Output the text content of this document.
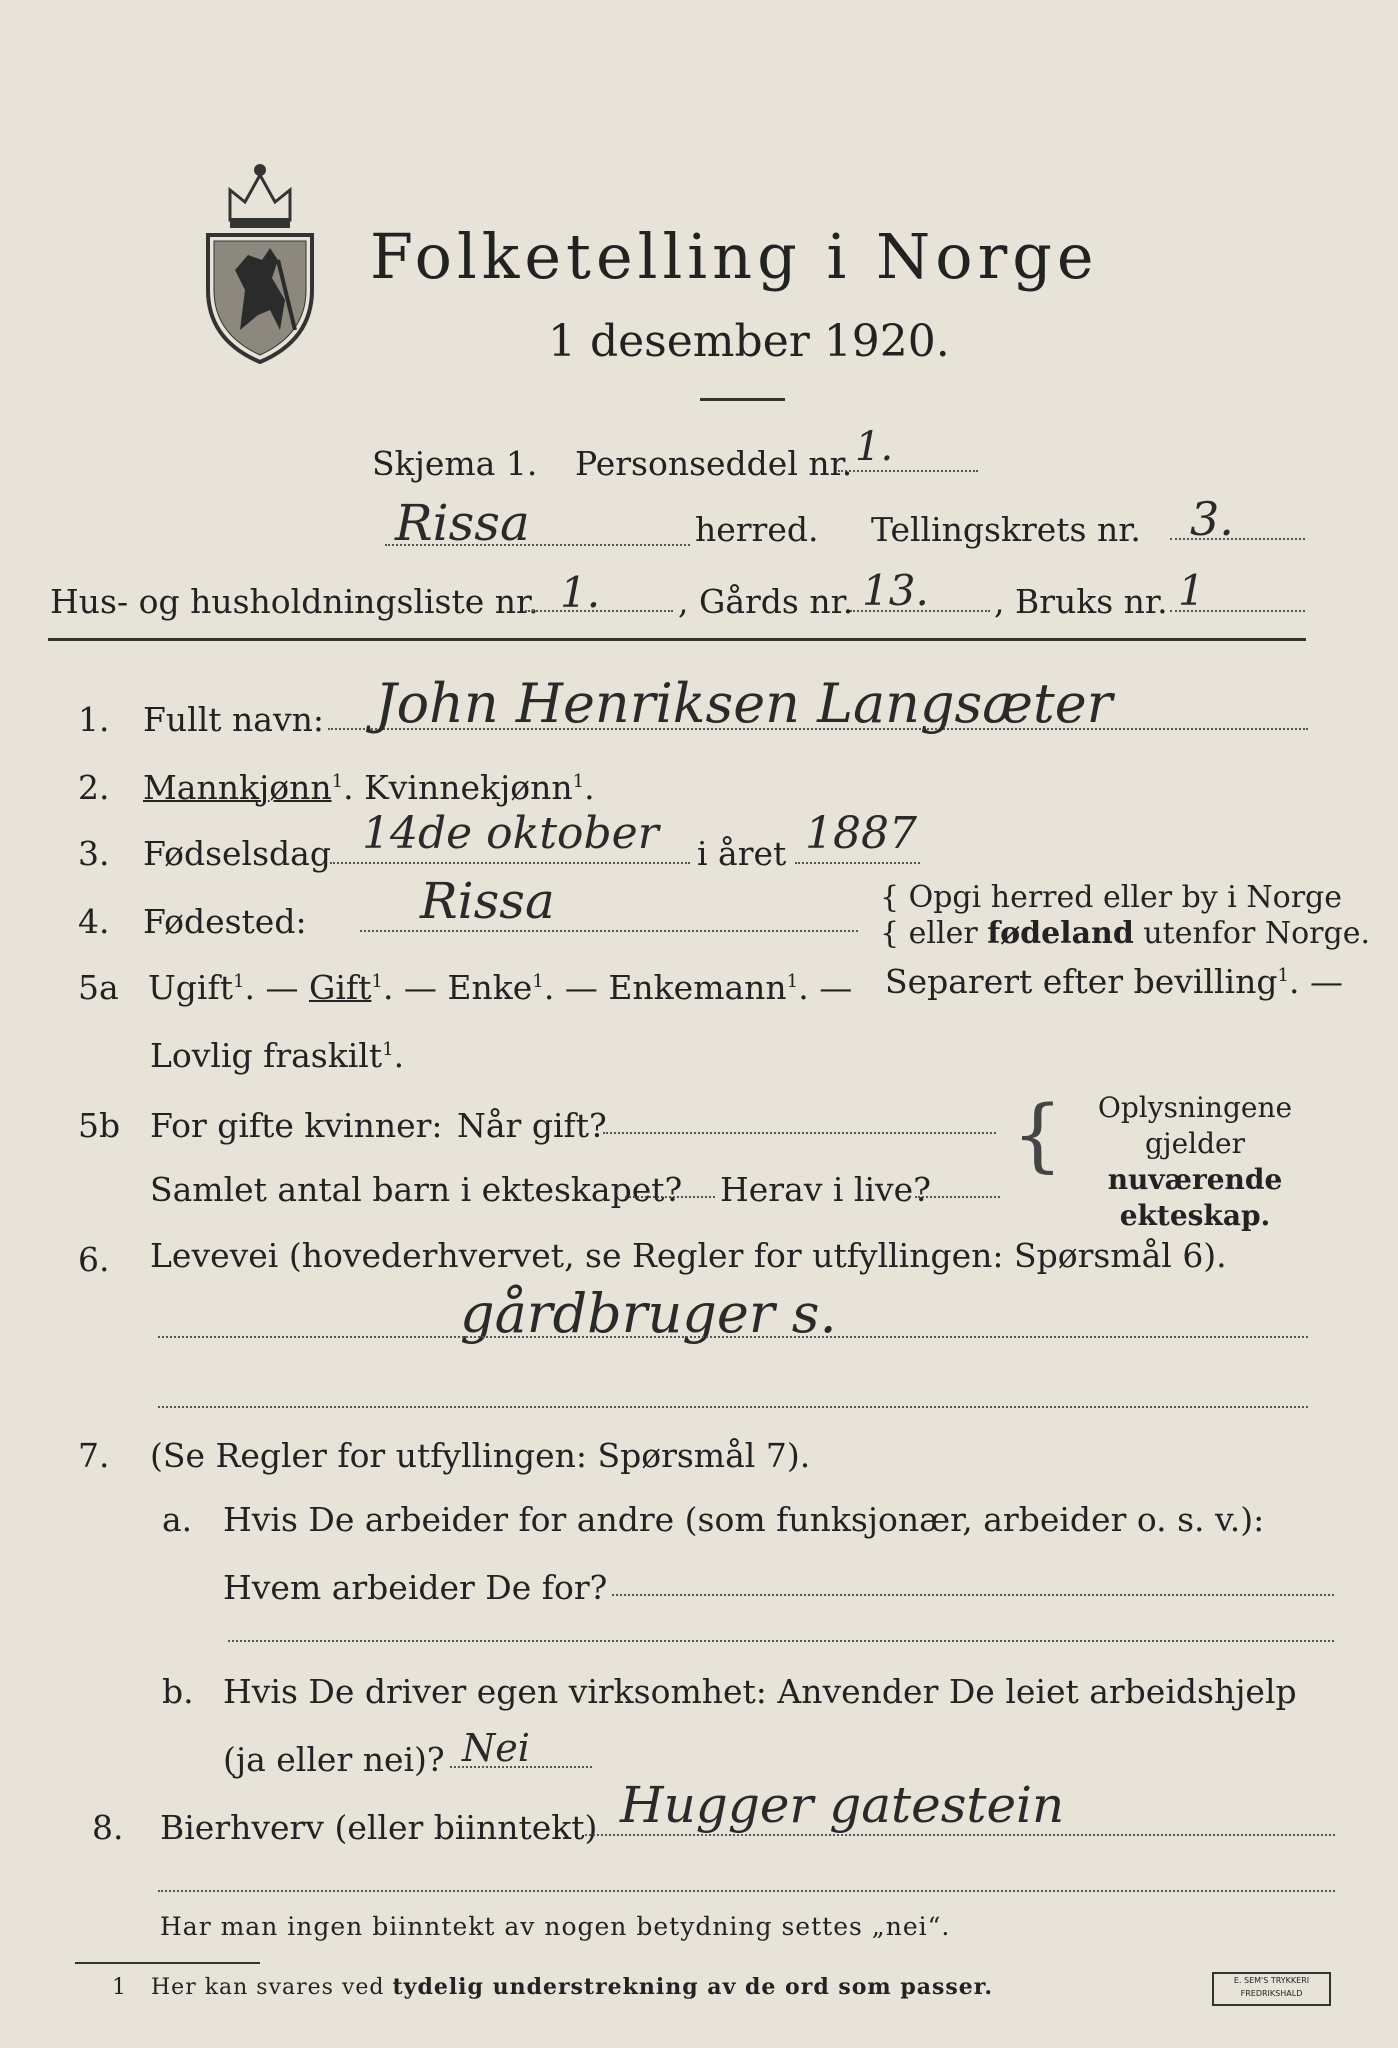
Folketelling i Norge
1 desember 1920.
Skjema 1. Personseddel nr. 1.
Rissa	herred. Tellingskrets nr. 3.
Hus- og husholdningsliste nr. 1. , Gårds nr. 13. , Bruks nr. 1
1. Fullt navn: John Henriksen Langsæter
2. Mannkjønn$^1$. Kvinnekjønn$^1$.
3. Fødselsdag 14de oktober i året 1887
4. Fødested: Rissa	{ Opgi herred eller by i Norge
{ eller fødeland utenfor Norge.
5a Ugift$^1$. — Gift$^1$. — Enke$^1$. — Enkemann$^1$. — Separert efter bevilling$^1$. —
Lovlig fraskilt$^1$.
5b For gifte kvinner: Når gift?
Samlet antal barn i ekteskapet? Herav i live?
{	Oplysningene
gjelder nuværende
ekteskap.
6. Levevei (hovederhvervet, se Regler for utfyllingen: Spørsmål 6).
gårdbruger s.
7. (Se Regler for utfyllingen: Spørsmål 7).
a. Hvis De arbeider for andre (som funksjonær, arbeider o. s. v.):
Hvem arbeider De for?
b. Hvis De driver egen virksomhet: Anvender De leiet arbeidshjelp
(ja eller nei)? Nei
8. Bierhverv (eller biinntekt) Hugger gatestein
Har man ingen biinntekt av nogen betydning settes „nei“.
1 Her kan svares ved tydelig understrekning av de ord som passer.	E. SEM'S TRYKKERI
FREDRIKSHALD
